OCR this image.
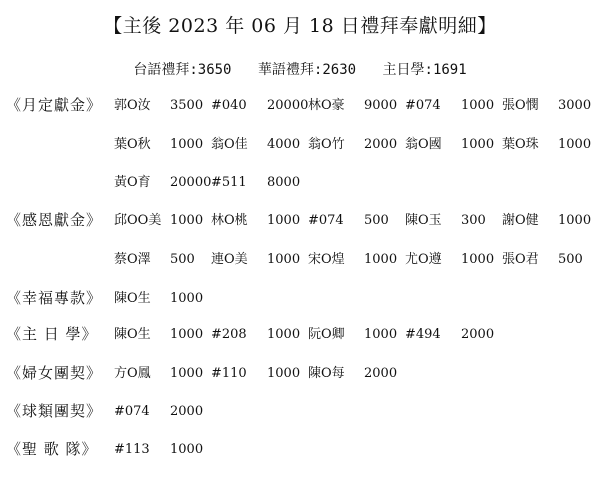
【主後 2023 年 06 月 18 日禮拜奉獻明細】
台語禮拜:3650 華語禮拜:2630 主日學:1691
《月定獻金》 郭O汝 3500 #040 20000林O豪 9000 #074 1000 張O憫 3000
葉O秋 1000 翁O佳 4000 翁O竹 2000 翁O國 1000 葉O珠 1000
黃O育 20000#511 8000
《感恩獻金》 邱OO美 1000 林O桃 1000 #074 500 陳O玉 300 謝O健 1000
蔡O澤 500 連O美 1000 宋O煌 1000 尤O遵 1000 張O君 500
《幸福專款》 陳O生 1000
《主 日 學》 陳O生 1000 #208 1000 阮O卿 1000 #494 2000
《婦女團契》 方O鳳 1000 #110 1000 陳O每 2000
《球類團契》 #074 2000
《聖 歌 隊》 #113 1000
